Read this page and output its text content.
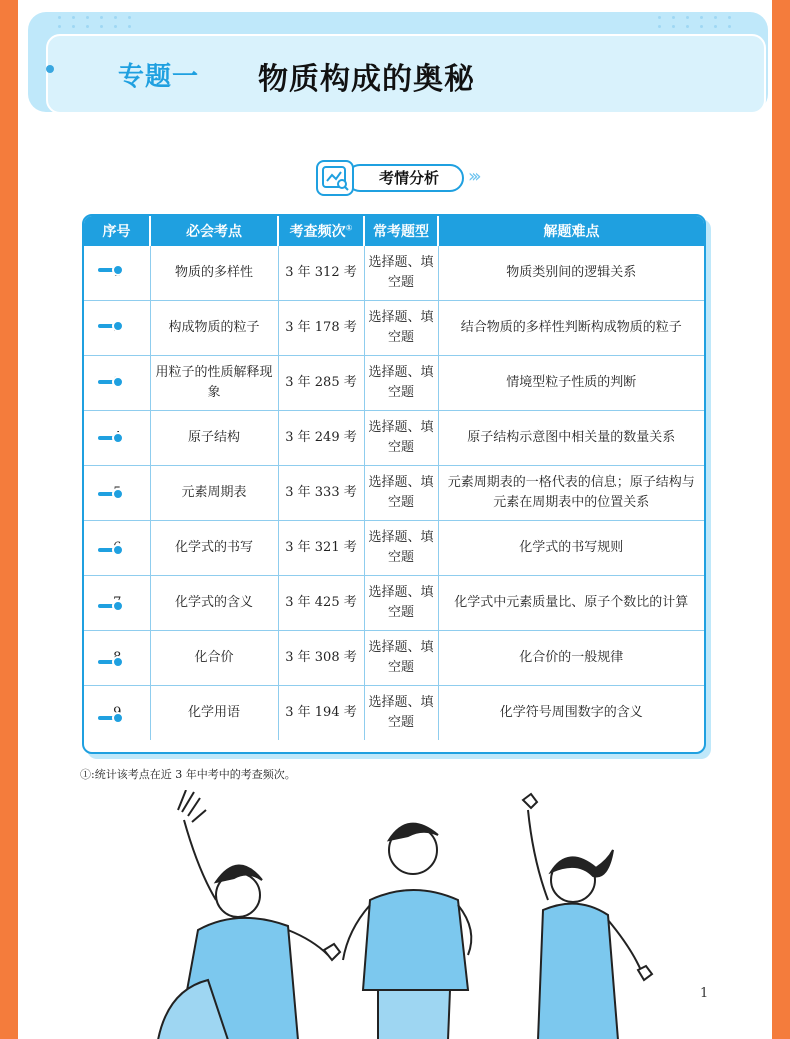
专题一 物质构成的奥秘
考情分析	›››
序号	必会考点	考查频次①	常考题型	解题难点
	物质的多样性	3 年 312 考	选择题、填空题	物质类别间的逻辑关系
	构成物质的粒子	3 年 178 考	选择题、填空题	结合物质的多样性判断构成物质的粒子
	用粒子的性质解释现象	3 年 285 考	选择题、填空题	情境型粒子性质的判断
	原子结构	3 年 249 考	选择题、填空题	原子结构示意图中相关量的数量关系
	元素周期表	3 年 333 考	选择题、填空题	元素周期表的一格代表的信息；原子结构与元素在周期表中的位置关系
	化学式的书写	3 年 321 考	选择题、填空题	化学式的书写规则
	化学式的含义	3 年 425 考	选择题、填空题	化学式中元素质量比、原子个数比的计算
	化合价	3 年 308 考	选择题、填空题	化合价的一般规律
	化学用语	3 年 194 考	选择题、填空题	化学符号周围数字的含义
①:统计该考点在近 3 年中考中的考查频次。
1
